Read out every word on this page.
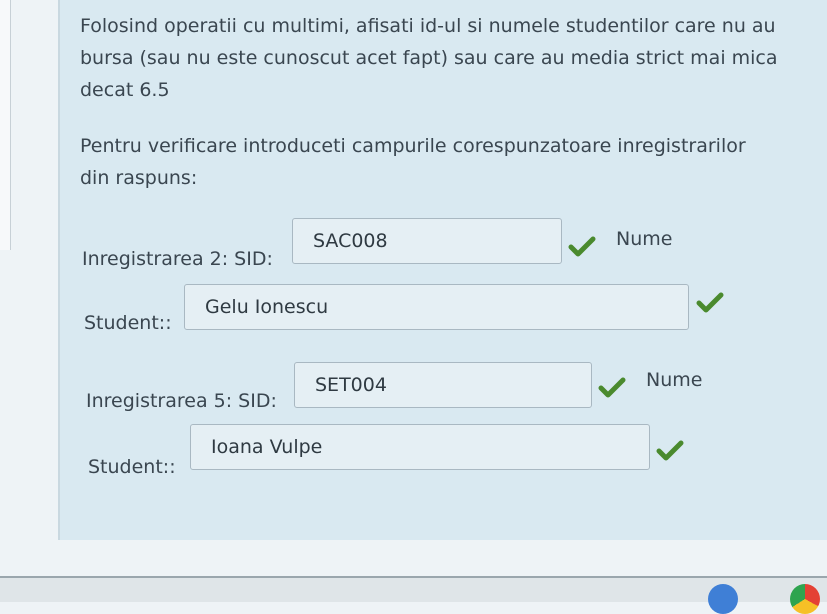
Folosind operatii cu multimi, afisati id-ul si numele studentilor care nu au bursa (sau nu este cunoscut acet fapt) sau care au media strict mai mica decat 6.5

Pentru verificare introduceti campurile corespunzatoare inregistrarilor din raspuns:

Inregistrarea 2: SID:
SAC008	Nume
Student::
Gelu Ionescu
Inregistrarea 5: SID:
SET004	Nume
Student::
Ioana Vulpe
